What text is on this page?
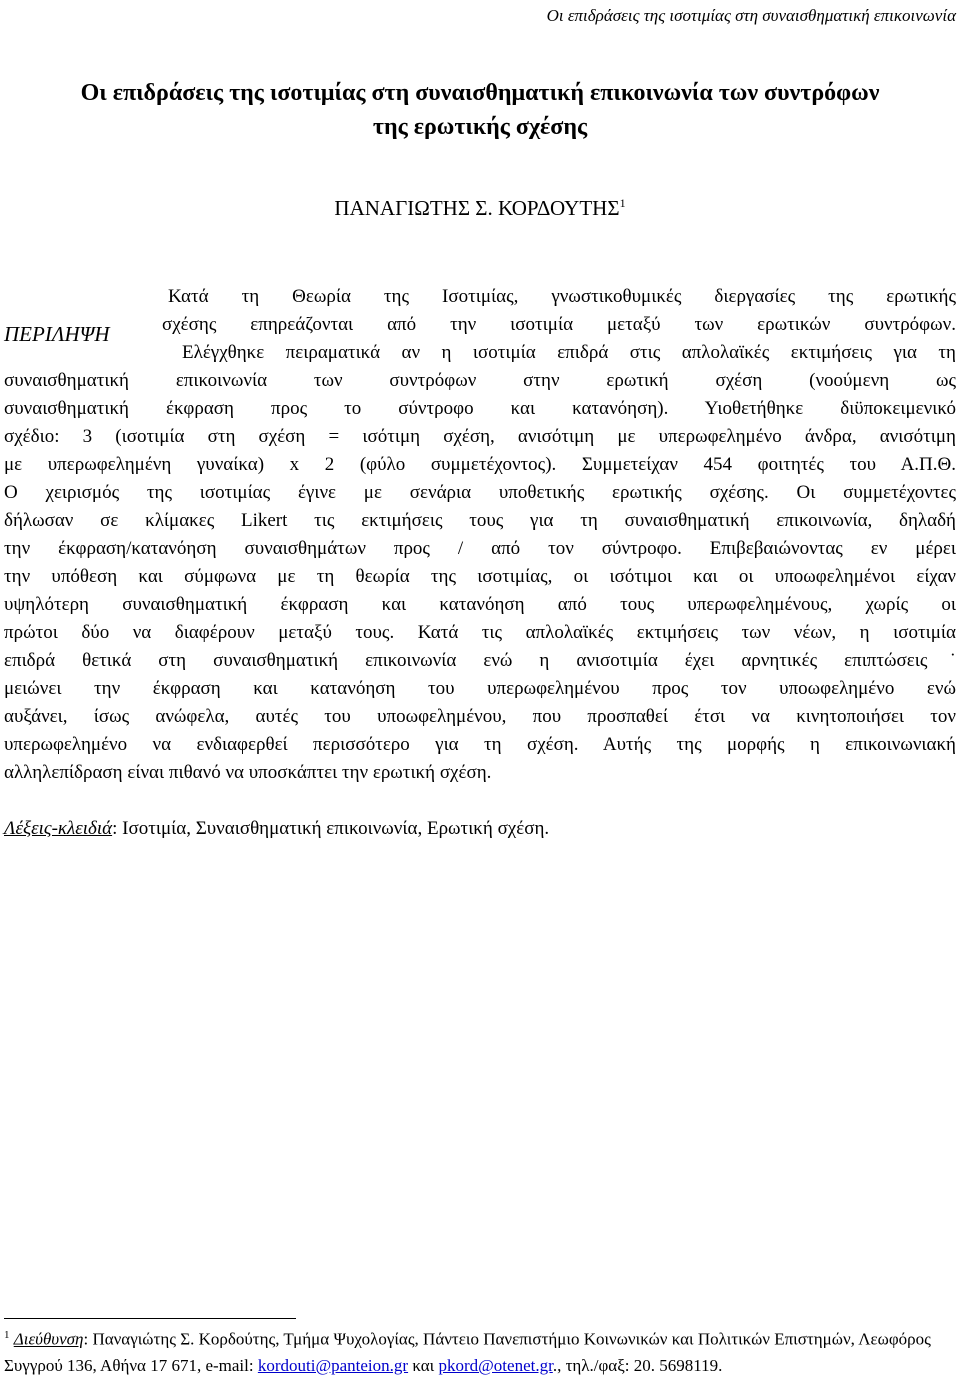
Οι επιδράσεις της ισοτιμίας στη συναισθηματική επικοινωνία
Οι επιδράσεις της ισοτιμίας στη συναισθηματική επικοινωνία των συντρόφων
της ερωτικής σχέσης
ΠΑΝΑΓΙΩΤΗΣ Σ. ΚΟΡΔΟΥΤΗΣ$^1$
ΠΕΡΙΛΗΨΗ
Κατά τη Θεωρία της Ισοτιμίας, γνωστικοθυμικές διεργασίες της ερωτικής
σχέσης επηρεάζονται από την ισοτιμία μεταξύ των ερωτικών συντρόφων.
Ελέγχθηκε πειραματικά αν η ισοτιμία επιδρά στις απλολαϊκές εκτιμήσεις για τη
συναισθηματική επικοινωνία των συντρόφων στην ερωτική σχέση (νοούμενη ως
συναισθηματική έκφραση προς το σύντροφο και κατανόηση). Υιοθετήθηκε διϋποκειμενικό
σχέδιο: 3 (ισοτιμία στη σχέση = ισότιμη σχέση, ανισότιμη με υπερωφελημένο άνδρα, ανισότιμη
με υπερωφελημένη γυναίκα) x 2 (φύλο συμμετέχοντος). Συμμετείχαν 454 φοιτητές του Α.Π.Θ.
Ο χειρισμός της ισοτιμίας έγινε με σενάρια υποθετικής ερωτικής σχέσης. Οι συμμετέχοντες
δήλωσαν σε κλίμακες Likert τις εκτιμήσεις τους για τη συναισθηματική επικοινωνία, δηλαδή
την έκφραση/κατανόηση συναισθημάτων προς / από τον σύντροφο. Επιβεβαιώνοντας εν μέρει
την υπόθεση και σύμφωνα με τη θεωρία της ισοτιμίας, οι ισότιμοι και οι υποωφελημένοι είχαν
υψηλότερη συναισθηματική έκφραση και κατανόηση από τους υπερωφελημένους, χωρίς οι
πρώτοι δύο να διαφέρουν μεταξύ τους. Κατά τις απλολαϊκές εκτιμήσεις των νέων, η ισοτιμία
επιδρά θετικά στη συναισθηματική επικοινωνία ενώ η ανισοτιμία έχει αρνητικές επιπτώσεις˙
μειώνει την έκφραση και κατανόηση του υπερωφελημένου προς τον υποωφελημένο ενώ
αυξάνει, ίσως ανώφελα, αυτές του υποωφελημένου, που προσπαθεί έτσι να κινητοποιήσει τον
υπερωφελημένο να ενδιαφερθεί περισσότερο για τη σχέση. Αυτής της μορφής η επικοινωνιακή
αλληλεπίδραση είναι πιθανό να υποσκάπτει την ερωτική σχέση.
Λέξεις-κλειδιά: Ισοτιμία, Συναισθηματική επικοινωνία, Ερωτική σχέση.
$^1$ Διεύθυνση: Παναγιώτης Σ. Κορδούτης, Τμήμα Ψυχολογίας, Πάντειο Πανεπιστήμιο Κοινωνικών και Πολιτικών Επιστημών, Λεωφόρος Συγγρού 136, Αθήνα 17 671, e-mail: kordouti@panteion.gr και pkord@otenet.gr., τηλ./φαξ: 20. 5698119.
